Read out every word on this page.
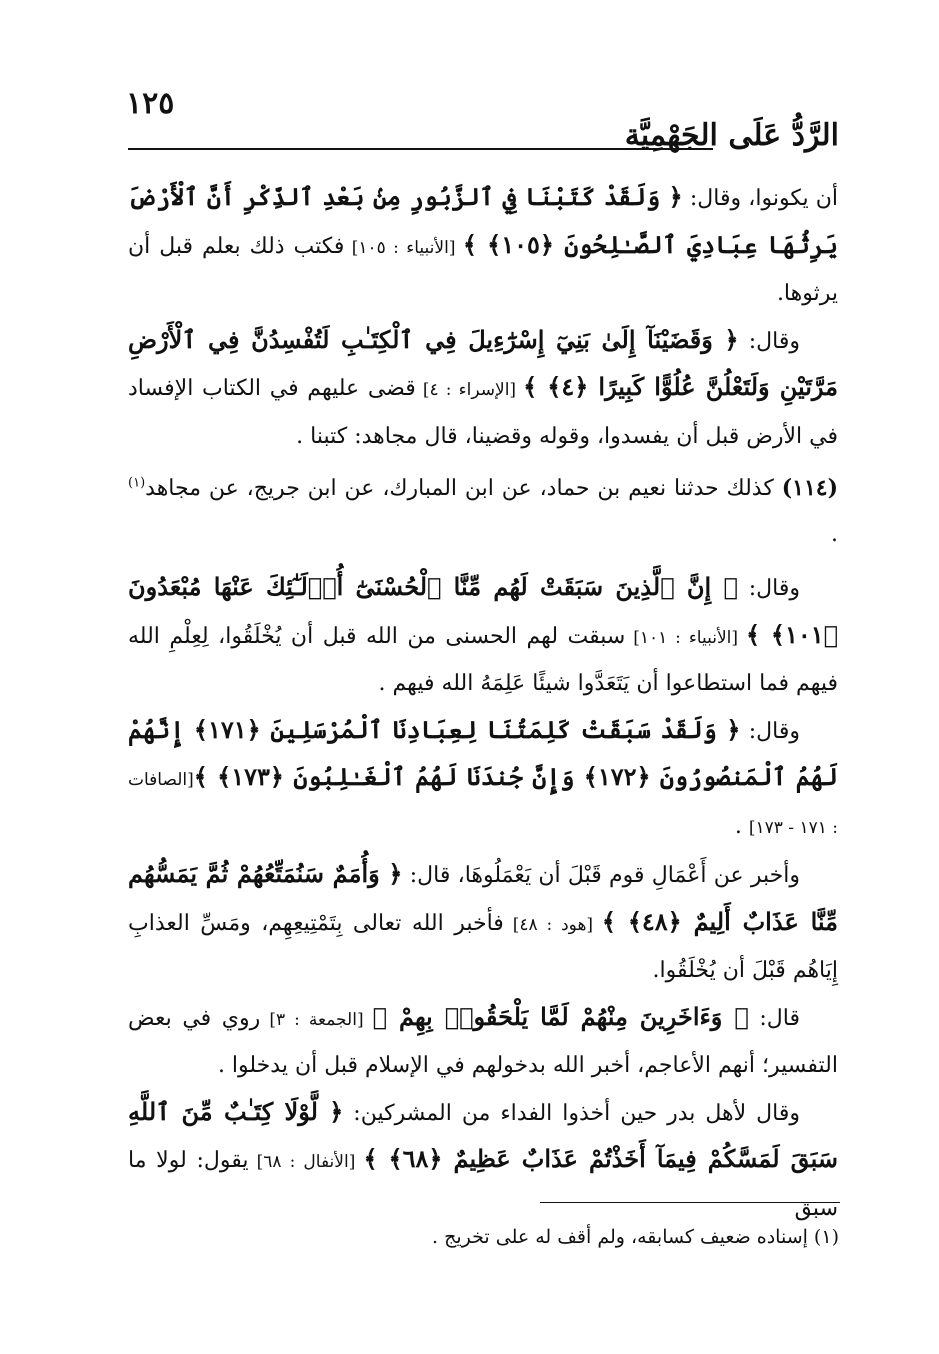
١٢٥
الرَّدُّ عَلَى الجَهْمِيَّة

أن يكونوا، وقال: ﴿ وَلَقَدْ كَتَبْنَا فِي ٱلزَّبُورِ مِنۢ بَعْدِ ٱلذِّكْرِ أَنَّ ٱلْأَرْضَ يَرِثُهَا عِبَادِيَ ٱلصَّـٰلِحُونَ ﴿١٠٥﴾ ﴾ [الأنبياء : ١٠٥] فكتب ذلك بعلم قبل أن يرثوها.

وقال: ﴿ وَقَضَيْنَآ إِلَىٰ بَنِيٓ إِسْرَٰٓءِيلَ فِي ٱلْكِتَـٰبِ لَتُفْسِدُنَّ فِي ٱلْأَرْضِ مَرَّتَيْنِ وَلَتَعْلُنَّ عُلُوًّا كَبِيرًا ﴿٤﴾ ﴾ [الإسراء : ٤] قضى عليهم في الكتاب الإفساد في الأرض قبل أن يفسدوا، وقوله وقضينا، قال مجاهد: كتبنا .

(١١٤) كذلك حدثنا نعيم بن حماد، عن ابن المبارك، عن ابن جريج، عن مجاهد$^{(١)}$ .

وقال: ﴿ إِنَّ ٱلَّذِينَ سَبَقَتْ لَهُم مِّنَّا ٱلْحُسْنَىٰٓ أُو۟لَـٰٓئِكَ عَنْهَا مُبْعَدُونَ ﴿١٠١﴾ ﴾ [الأنبياء : ١٠١] سبقت لهم الحسنى من الله قبل أن يُخْلَقُوا، لِعِلْمِ الله فيهم فما استطاعوا أن يَتَعَدَّوا شيئًا عَلِمَهُ الله فيهم .

وقال: ﴿ وَلَقَدْ سَبَقَتْ كَلِمَتُنَا لِعِبَادِنَا ٱلْمُرْسَلِينَ ﴿١٧١﴾ إِنَّهُمْ لَهُمُ ٱلْمَنصُورُونَ ﴿١٧٢﴾ وَإِنَّ جُندَنَا لَهُمُ ٱلْغَـٰلِبُونَ ﴿١٧٣﴾ ﴾[الصافات : ١٧١ - ١٧٣] .

وأخبر عن أَعْمَالِ قوم قَبْلَ أن يَعْمَلُوهَا، قال: ﴿ وَأُمَمٌ سَنُمَتِّعُهُمْ ثُمَّ يَمَسُّهُم مِّنَّا عَذَابٌ أَلِيمٌ ﴿٤٨﴾ ﴾ [هود : ٤٨] فأخبر الله تعالى بِتَمْتِيعِهِم، ومَسِّ العذابِ إِيَاهُم قَبْلَ أن يُخْلَقُوا.

قال: ﴿ وَءَاخَرِينَ مِنْهُمْ لَمَّا يَلْحَقُوا۟ بِهِمْ ﴾ [الجمعة : ٣] روي في بعض التفسير؛ أنهم الأعاجم، أخبر الله بدخولهم في الإسلام قبل أن يدخلوا .

وقال لأهل بدر حين أخذوا الفداء من المشركين: ﴿ لَّوْلَا كِتَـٰبٌ مِّنَ ٱللَّهِ سَبَقَ لَمَسَّكُمْ فِيمَآ أَخَذْتُمْ عَذَابٌ عَظِيمٌ ﴿٦٨﴾ ﴾ [الأنفال : ٦٨] يقول: لولا ما سبق

(١) إسناده ضعيف كسابقه، ولم أقف له على تخريج .
